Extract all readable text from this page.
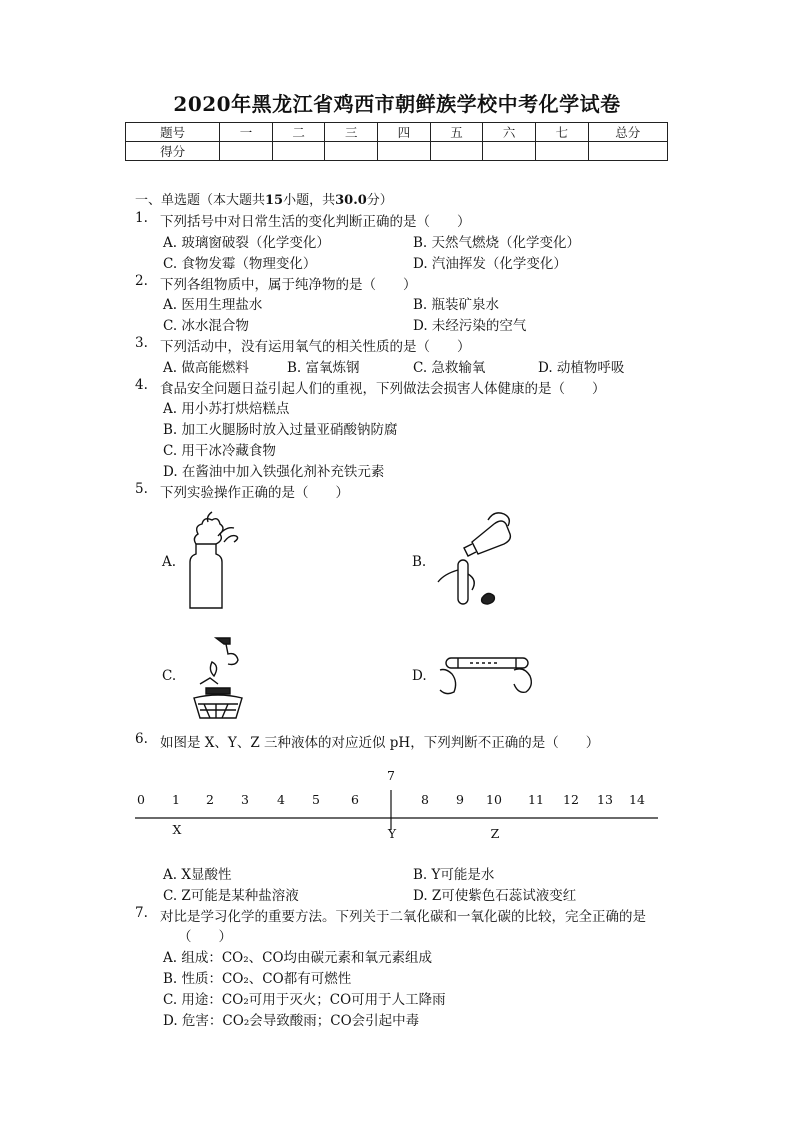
2020年黑龙江省鸡西市朝鲜族学校中考化学试卷
题号	一	二	三	四	五	六	七	总分
得分								
一、单选题（本大题共15小题，共30.0分）
1. 下列括号中对日常生活的变化判断正确的是（　　）
A. 玻璃窗破裂（化学变化）	B. 天然气燃烧（化学变化）
C. 食物发霉（物理变化）	D. 汽油挥发（化学变化）
2. 下列各组物质中，属于纯净物的是（　　）
A. 医用生理盐水	B. 瓶装矿泉水
C. 冰水混合物	D. 未经污染的空气
3. 下列活动中，没有运用氧气的相关性质的是（　　）
A. 做高能燃料	B. 富氧炼钢	C. 急救输氧	D. 动植物呼吸
4. 食品安全问题日益引起人们的重视，下列做法会损害人体健康的是（　　）
A. 用小苏打烘焙糕点
B. 加工火腿肠时放入过量亚硝酸钠防腐
C. 用干冰冷藏食物
D. 在酱油中加入铁强化剂补充铁元素
5. 下列实验操作正确的是（　　）
A.	B.
C.	D.
6. 如图是 X、Y、Z 三种液体的对应近似 pH，下列判断不正确的是（　　）
0 1 2 3 4 5 6
7
8 9 10 11 12 13 14
X	Y	Z
A. X显酸性	B. Y可能是水
C. Z可能是某种盐溶液	D. Z可使紫色石蕊试液变红
7. 对比是学习化学的重要方法。下列关于二氧化碳和一氧化碳的比较，完全正确的是
（　　）
A. 组成：CO₂、CO均由碳元素和氧元素组成
B. 性质：CO₂、CO都有可燃性
C. 用途：CO₂可用于灭火；CO可用于人工降雨
D. 危害：CO₂会导致酸雨；CO会引起中毒
